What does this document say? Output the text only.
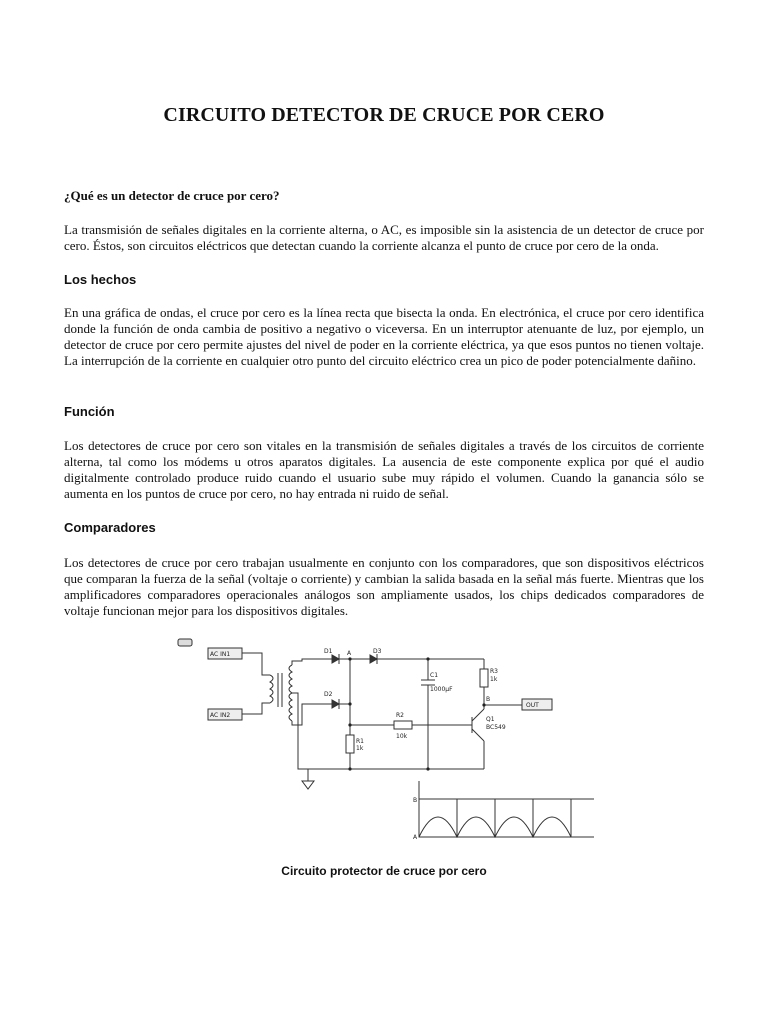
CIRCUITO DETECTOR DE CRUCE POR CERO

¿Qué es un detector de cruce por cero?

La transmisión de señales digitales en la corriente alterna, o AC, es imposible sin la asistencia de un detector de cruce por cero. Éstos, son circuitos eléctricos que detectan cuando la corriente alcanza el punto de cruce por cero de la onda.

Los hechos

En una gráfica de ondas, el cruce por cero es la línea recta que bisecta la onda. En electrónica, el cruce por cero identifica donde la función de onda cambia de positivo a negativo o viceversa. En un interruptor atenuante de luz, por ejemplo, un detector de cruce por cero permite ajustes del nivel de poder en la corriente eléctrica, ya que esos puntos no tienen voltaje. La interrupción de la corriente en cualquier otro punto del circuito eléctrico crea un pico de poder potencialmente dañino.

Función

Los detectores de cruce por cero son vitales en la transmisión de señales digitales a través de los circuitos de corriente alterna, tal como los módems u otros aparatos digitales. La ausencia de este componente explica por qué el audio digitalmente controlado produce ruido cuando el usuario sube muy rápido el volumen. Cuando la ganancia sólo se aumenta en los puntos de cruce por cero, no hay entrada ni ruido de señal.

Comparadores

Los detectores de cruce por cero trabajan usualmente en conjunto con los comparadores, que son dispositivos eléctricos que comparan la fuerza de la señal (voltaje o corriente) y cambian la salida basada en la señal más fuerte. Mientras que los amplificadores comparadores operacionales análogos son ampliamente usados, los chips dedicados comparadores de voltaje funcionan mejor para los dispositivos digitales.

AC IN1
AC IN2
D1
D2
D3
A
C1
1000μF
R3
1k
B
OUT
R1
1k
R2
10k
Q1
BC549
B
A

Circuito protector de cruce por cero
